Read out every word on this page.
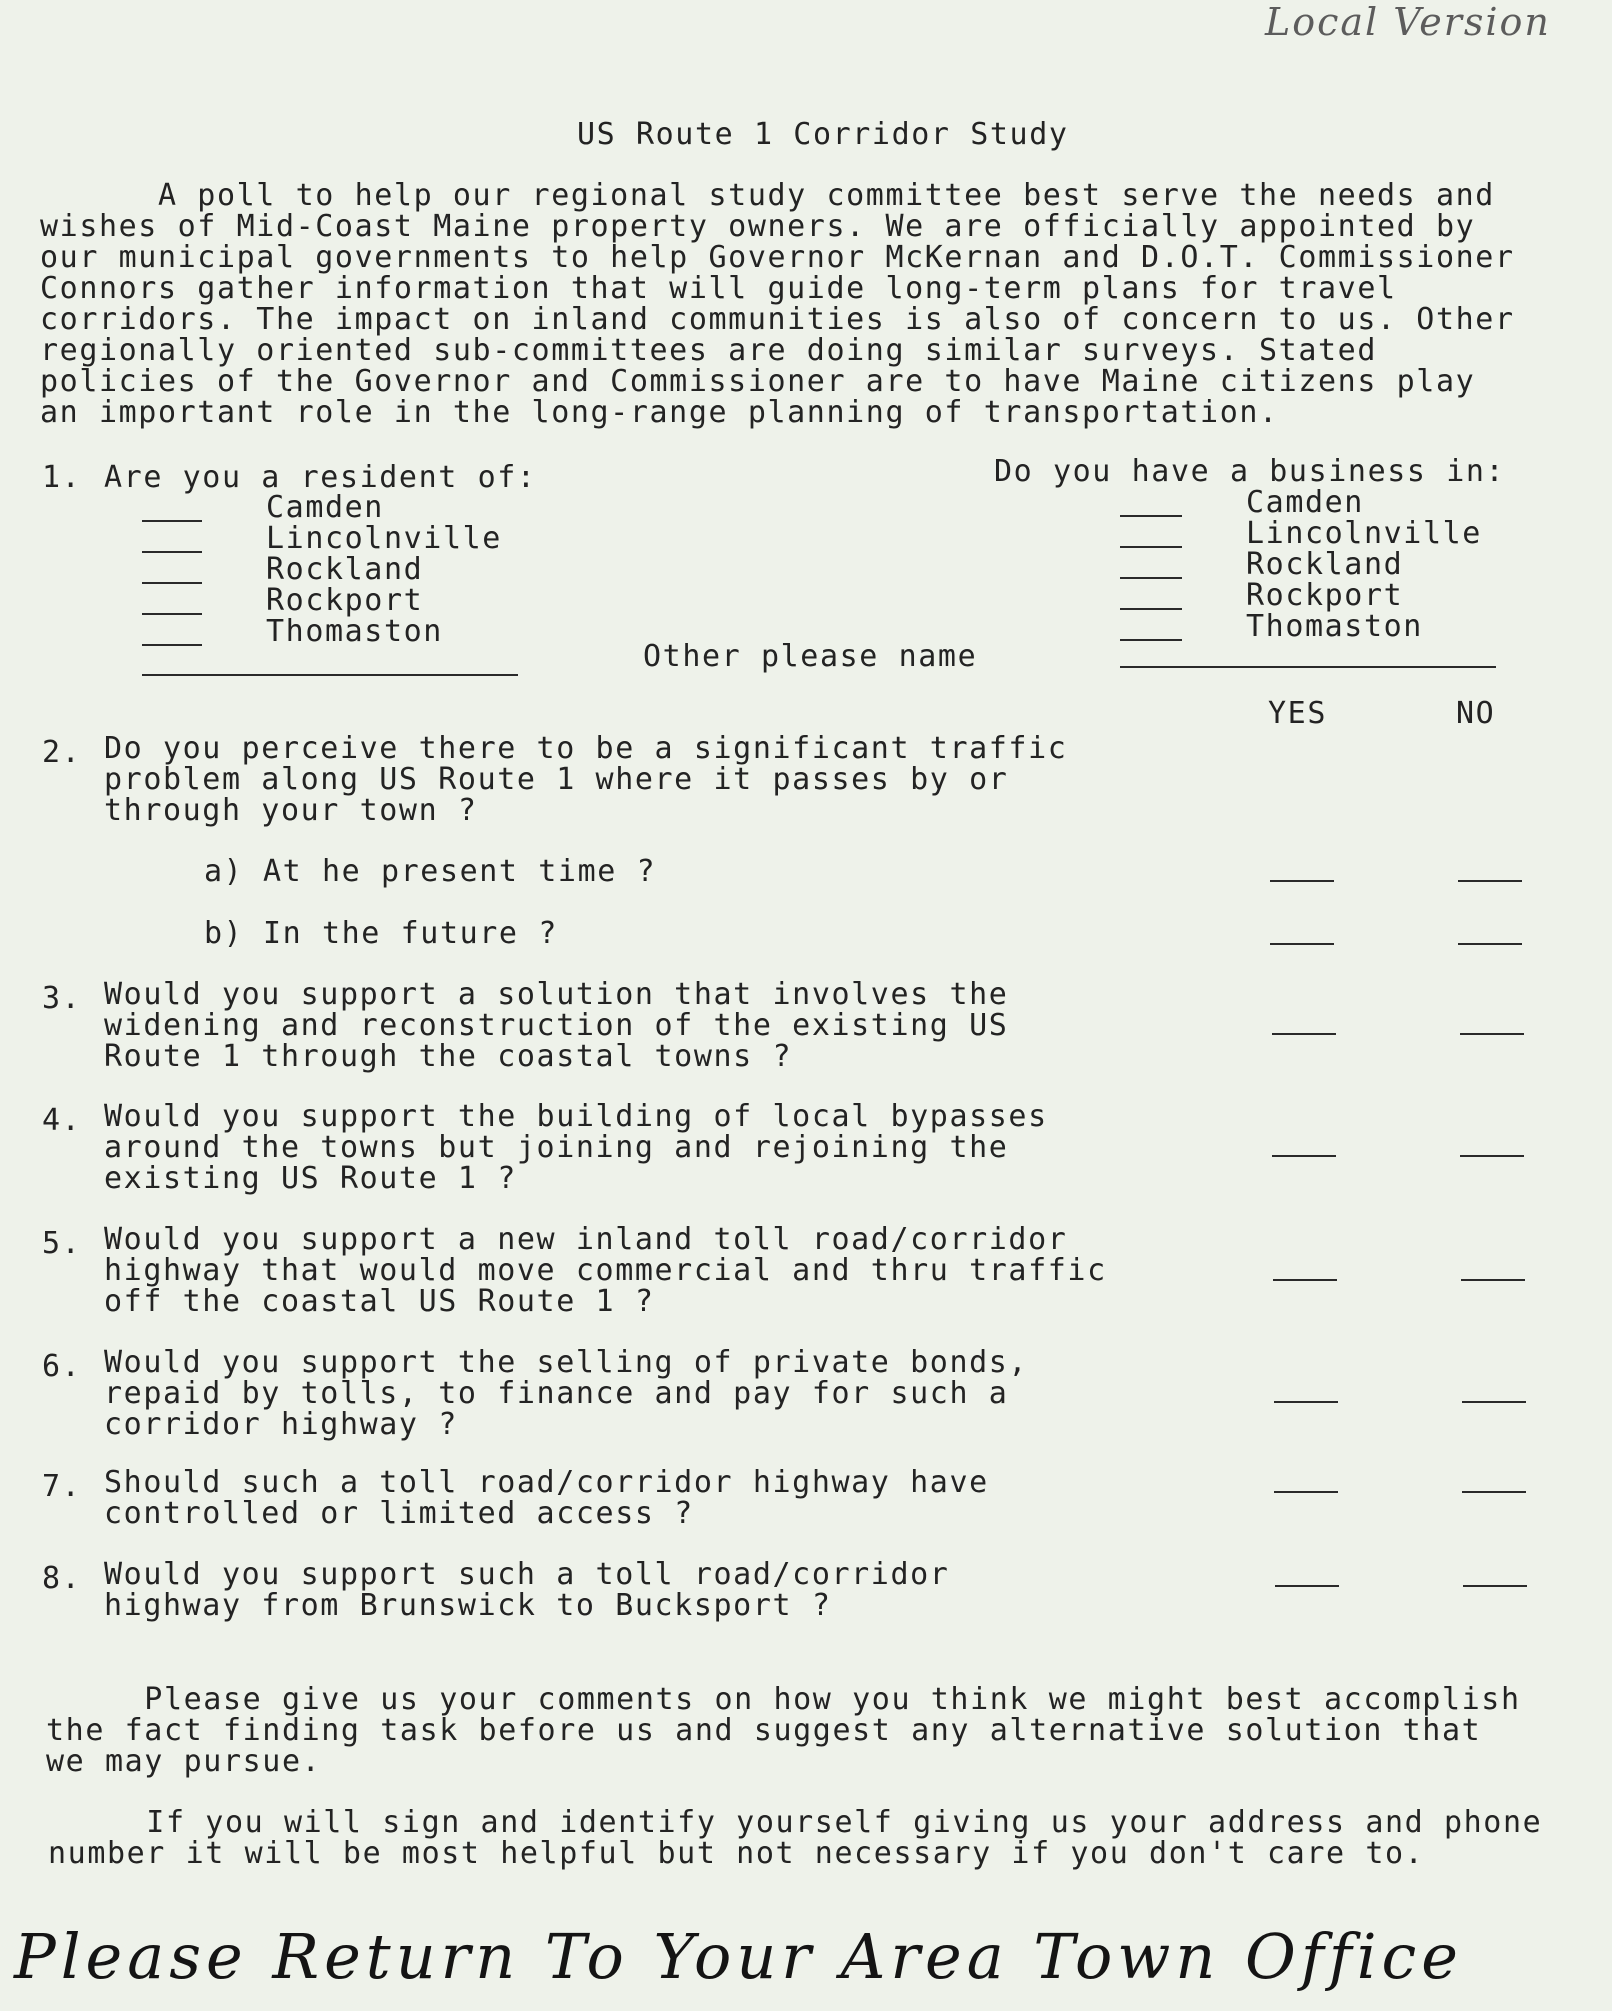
Local Version
US Route 1 Corridor Study
A poll to help our regional study committee best serve the needs and
wishes of Mid-Coast Maine property owners. We are officially appointed by
our municipal governments to help Governor McKernan and D.O.T. Commissioner
Connors gather information that will guide long-term plans for travel
corridors. The impact on inland communities is also of concern to us. Other
regionally oriented sub-committees are doing similar surveys. Stated
policies of the Governor and Commissioner are to have Maine citizens play
an important role in the long-range planning of transportation.
1. Are you a resident of:	Do you have a business in:
Camden
Lincolnville
Rockland
Rockport
Thomaston
Camden
Lincolnville
Rockland
Rockport
Thomaston
Other please name
YES	NO
2. Do you perceive there to be a significant traffic
problem along US Route 1 where it passes by or
through your town ?
a) At he present time ?
b) In the future ?
3. Would you support a solution that involves the
widening and reconstruction of the existing US
Route 1 through the coastal towns ?
4. Would you support the building of local bypasses
around the towns but joining and rejoining the
existing US Route 1 ?
5. Would you support a new inland toll road/corridor
highway that would move commercial and thru traffic
off the coastal US Route 1 ?
6. Would you support the selling of private bonds,
repaid by tolls, to finance and pay for such a
corridor highway ?
7. Should such a toll road/corridor highway have
controlled or limited access ?
8. Would you support such a toll road/corridor
highway from Brunswick to Bucksport ?
Please give us your comments on how you think we might best accomplish
the fact finding task before us and suggest any alternative solution that
we may pursue.
If you will sign and identify yourself giving us your address and phone
number it will be most helpful but not necessary if you don't care to.
Please Return To Your Area Town Office
